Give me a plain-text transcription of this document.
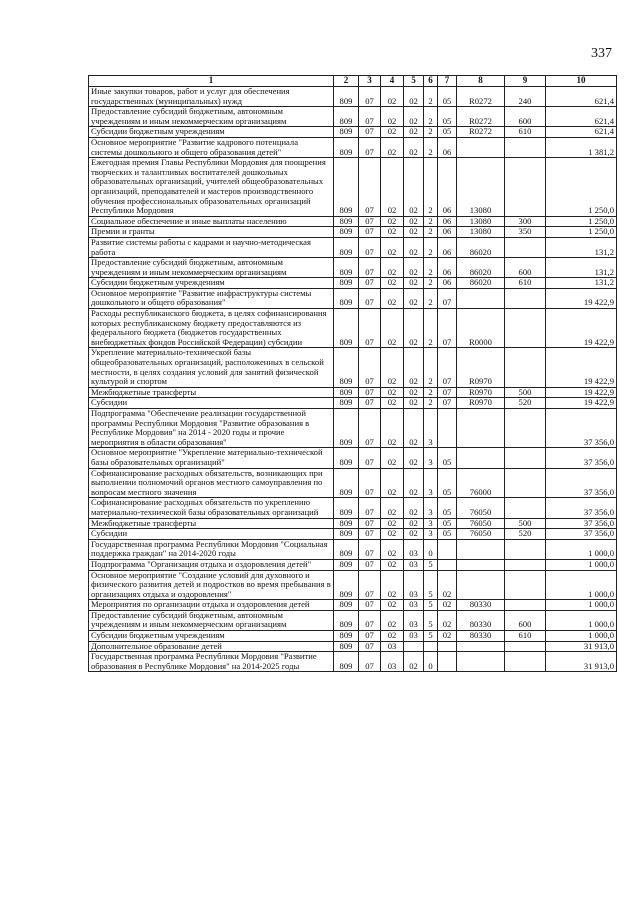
337
1	2	3	4	5	6	7	8	9	10
Иные закупки товаров, работ и услуг для обеспечения государственных (муниципальных) нужд	809	07	02	02	2	05	R0272	240	621,4
Предоставление субсидий бюджетным, автономным учреждениям и иным некоммерческим организациям	809	07	02	02	2	05	R0272	600	621,4
Субсидии бюджетным учреждениям	809	07	02	02	2	05	R0272	610	621,4
Основное мероприятие "Развитие кадрового потенциала системы дошкольного и общего образования детей"	809	07	02	02	2	06			1 381,2
Ежегодная премия Главы Республики Мордовия для поощрения творческих и талантливых воспитателей дошкольных образовательных организаций, учителей общеобразовательных организаций, преподавателей и мастеров производственного обучения профессиональных образовательных организаций Республики Мордовия	809	07	02	02	2	06	13080		1 250,0
Социальное обеспечение и иные выплаты населению	809	07	02	02	2	06	13080	300	1 250,0
Премии и гранты	809	07	02	02	2	06	13080	350	1 250,0
Развитие системы работы с кадрами и научно-методическая работа	809	07	02	02	2	06	86020		131,2
Предоставление субсидий бюджетным, автономным учреждениям и иным некоммерческим организациям	809	07	02	02	2	06	86020	600	131,2
Субсидии бюджетным учреждениям	809	07	02	02	2	06	86020	610	131,2
Основное мероприятие "Развитие инфраструктуры системы дошкольного и общего образования"	809	07	02	02	2	07			19 422,9
Расходы республиканского бюджета, в целях софинансирования которых республиканскому бюджету предоставляются из федерального бюджета (бюджетов государственных внебюджетных фондов Российской Федерации) субсидии	809	07	02	02	2	07	R0000		19 422,9
Укрепление материально-технической базы общеобразовательных организаций, расположенных в сельской местности, в целях создания условий для занятий физической культурой и спортом	809	07	02	02	2	07	R0970		19 422,9
Межбюджетные трансферты	809	07	02	02	2	07	R0970	500	19 422,9
Субсидии	809	07	02	02	2	07	R0970	520	19 422,9
Подпрограмма "Обеспечение реализации государственной программы Республики Мордовия "Развитие образования в Республике Мордовия" на 2014 - 2020 годы и прочие мероприятия в области образования"	809	07	02	02	3				37 356,0
Основное мероприятие "Укрепление материально-технической базы образовательных организаций"	809	07	02	02	3	05			37 356,0
Софинансирование расходных обязательств, возникающих при выполнении полномочий органов местного самоуправления по вопросам местного значения	809	07	02	02	3	05	76000		37 356,0
Софинансирование расходных обязательств по укреплению материально-технической базы образовательных организаций	809	07	02	02	3	05	76050		37 356,0
Межбюджетные трансферты	809	07	02	02	3	05	76050	500	37 356,0
Субсидии	809	07	02	02	3	05	76050	520	37 356,0
Государственная программа Республики Мордовия "Социальная поддержка граждан" на 2014-2020 годы	809	07	02	03	0				1 000,0
Подпрограмма "Организация отдыха и оздоровления детей"	809	07	02	03	5				1 000,0
Основное мероприятие "Создание условий для духовного и физического развития детей и подростков во время пребывания в организациях отдыха и оздоровления"	809	07	02	03	5	02			1 000,0
Мероприятия по организации отдыха и оздоровления детей	809	07	02	03	5	02	80330		1 000,0
Предоставление субсидий бюджетным, автономным учреждениям и иным некоммерческим организациям	809	07	02	03	5	02	80330	600	1 000,0
Субсидии бюджетным учреждениям	809	07	02	03	5	02	80330	610	1 000,0
Дополнительное образование детей	809	07	03						31 913,0
Государственная программа Республики Мордовия "Развитие образования в Республике Мордовия" на 2014-2025 годы	809	07	03	02	0				31 913,0
